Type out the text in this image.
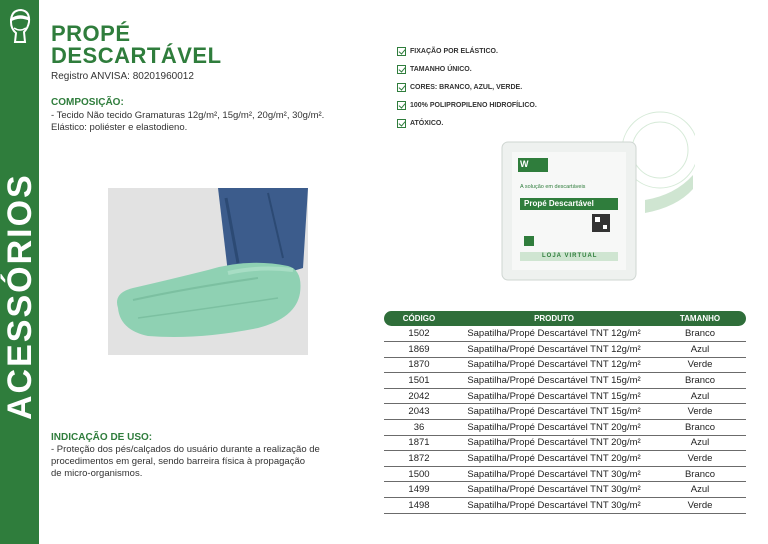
ACESSÓRIOS
PROPÉ
DESCARTÁVEL
Registro ANVISA: 80201960012
COMPOSIÇÃO:
- Tecido Não tecido Gramaturas 12g/m², 15g/m², 20g/m², 30g/m².
Elástico: poliéster e elastodieno.
FIXAÇÃO POR ELÁSTICO.
TAMANHO ÚNICO.
CORES: BRANCO, AZUL, VERDE.
100% POLIPROPILENO HIDROFÍLICO.
ATÓXICO.
W
A solução em descartáveis
Propé Descartável
LOJA VIRTUAL
INDICAÇÃO DE USO:
- Proteção dos pés/calçados do usuário durante a realização de
procedimentos em geral, sendo barreira física à propagação
de micro-organismos.
CÓDIGO	PRODUTO	TAMANHO
1502	Sapatilha/Propé Descartável TNT 12g/m²	Branco
1869	Sapatilha/Propé Descartável TNT 12g/m²	Azul
1870	Sapatilha/Propé Descartável TNT 12g/m²	Verde
1501	Sapatilha/Propé Descartável TNT 15g/m²	Branco
2042	Sapatilha/Propé Descartável TNT 15g/m²	Azul
2043	Sapatilha/Propé Descartável TNT 15g/m²	Verde
36	Sapatilha/Propé Descartável TNT 20g/m²	Branco
1871	Sapatilha/Propé Descartável TNT 20g/m²	Azul
1872	Sapatilha/Propé Descartável TNT 20g/m²	Verde
1500	Sapatilha/Propé Descartável TNT 30g/m²	Branco
1499	Sapatilha/Propé Descartável TNT 30g/m²	Azul
1498	Sapatilha/Propé Descartável TNT 30g/m²	Verde
